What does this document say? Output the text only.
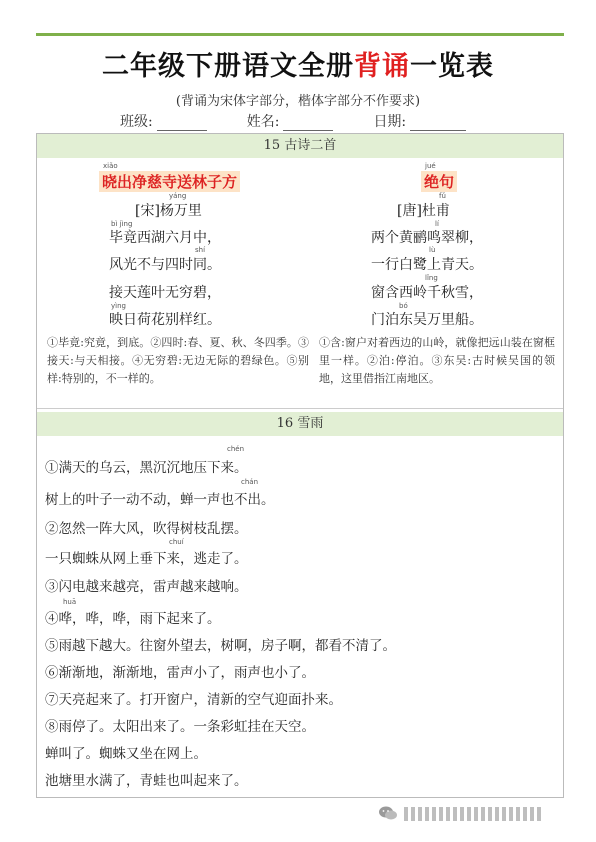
二年级下册语文全册背诵一览表
(背诵为宋体字部分，楷体字部分不作要求)
班级:	姓名:	日期:
15 古诗二首
xiǎo
晓出净慈寺送林子方
yáng
[宋]杨万里
bì jìng
毕竟西湖六月中，
shí
风光不与四时同。
接天莲叶无穷碧，
yìng
映日荷花别样红。
①毕竟:究竟，到底。②四时:春、夏、秋、冬四季。③接天:与天相接。④无穷碧:无边无际的碧绿色。⑤别样:特别的，不一样的。
jué
绝句
fǔ
[唐]杜甫
lí
两个黄鹂鸣翠柳，
lù
一行白鹭上青天。
lǐng
窗含西岭千秋雪，
bó
门泊东吴万里船。
①含:窗户对着西边的山岭，就像把远山装在窗框里一样。②泊:停泊。③东吴:古时候吴国的领地，这里借指江南地区。
16 雪雨
chén
①满天的乌云，黑沉沉地压下来。
chán
树上的叶子一动不动，蝉一声也不出。
②忽然一阵大风，吹得树枝乱摆。
chuí
一只蜘蛛从网上垂下来，逃走了。
③闪电越来越亮，雷声越来越响。
huā
④哗，哗，哗，雨下起来了。
⑤雨越下越大。往窗外望去，树啊，房子啊，都看不清了。
⑥渐渐地，渐渐地，雷声小了，雨声也小了。
⑦天亮起来了。打开窗户，清新的空气迎面扑来。
⑧雨停了。太阳出来了。一条彩虹挂在天空。
蝉叫了。蜘蛛又坐在网上。
池塘里水满了，青蛙也叫起来了。
